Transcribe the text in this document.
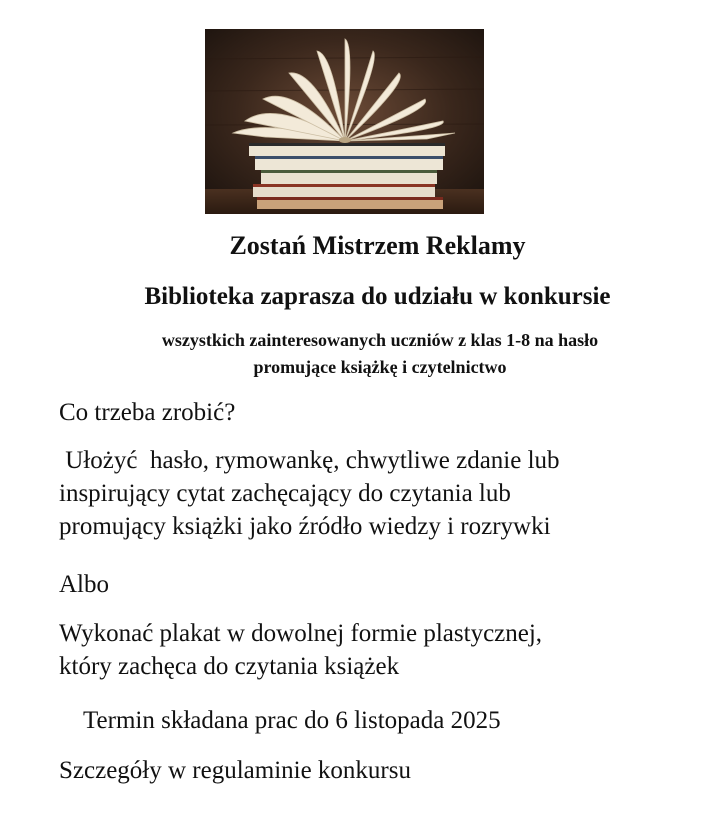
Zostań Mistrzem Reklamy
Biblioteka zaprasza do udziału w konkursie
wszystkich zainteresowanych uczniów z klas 1-8 na hasło
promujące książkę i czytelnictwo
Co trzeba zrobić?
Ułożyć  hasło, rymowankę, chwytliwe zdanie lub
inspirujący cytat zachęcający do czytania lub
promujący książki jako źródło wiedzy i rozrywki
Albo
Wykonać plakat w dowolnej formie plastycznej,
który zachęca do czytania książek
Termin składana prac do 6 listopada 2025
Szczegóły w regulaminie konkursu
